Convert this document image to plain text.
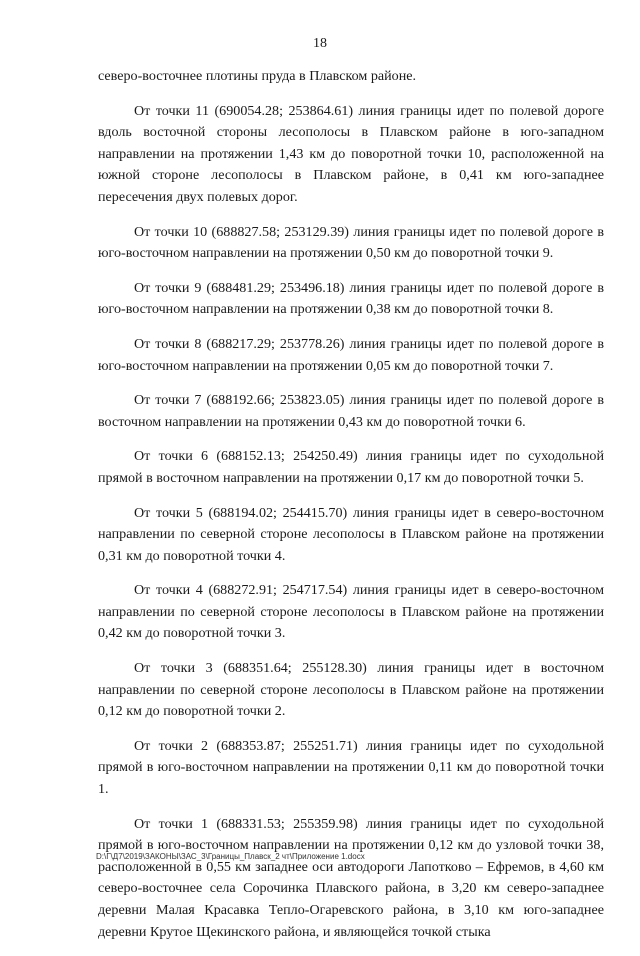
18

северо-восточнее плотины пруда в Плавском районе.

От точки 11 (690054.28; 253864.61) линия границы идет по полевой дороге вдоль восточной стороны лесополосы в Плавском районе в юго-западном направлении на протяжении 1,43 км до поворотной точки 10, расположенной на южной стороне лесополосы в Плавском районе, в 0,41 км юго-западнее пересечения двух полевых дорог.

От точки 10 (688827.58; 253129.39) линия границы идет по полевой дороге в юго-восточном направлении на протяжении 0,50 км до поворотной точки 9.

От точки 9 (688481.29; 253496.18) линия границы идет по полевой дороге в юго-восточном направлении на протяжении 0,38 км до поворотной точки 8.

От точки 8 (688217.29; 253778.26) линия границы идет по полевой дороге в юго-восточном направлении на протяжении 0,05 км до поворотной точки 7.

От точки 7 (688192.66; 253823.05) линия границы идет по полевой дороге в восточном направлении на протяжении 0,43 км до поворотной точки 6.

От точки 6 (688152.13; 254250.49) линия границы идет по суходольной прямой в восточном направлении на протяжении 0,17 км до поворотной точки 5.

От точки 5 (688194.02; 254415.70) линия границы идет в северо-восточном направлении по северной стороне лесополосы в Плавском районе на протяжении 0,31 км до поворотной точки 4.

От точки 4 (688272.91; 254717.54) линия границы идет в северо-восточном направлении по северной стороне лесополосы в Плавском районе на протяжении 0,42 км до поворотной точки 3.

От точки 3 (688351.64; 255128.30) линия границы идет в восточном направлении по северной стороне лесополосы в Плавском районе на протяжении 0,12 км до поворотной точки 2.

От точки 2 (688353.87; 255251.71) линия границы идет по суходольной прямой в юго-восточном направлении на протяжении 0,11 км до поворотной точки 1.

От точки 1 (688331.53; 255359.98) линия границы идет по суходольной прямой в юго-восточном направлении на протяжении 0,12 км до узловой точки 38, расположенной в 0,55 км западнее оси автодороги Лапотково – Ефремов, в 4,60 км северо-восточнее села Сорочинка Плавского района, в 3,20 км северо-западнее деревни Малая Красавка Тепло-Огаревского района, в 3,10 км юго-западнее деревни Крутое Щекинского района, и являющейся точкой стыка

D:\Г\Д7\2019\ЗАКОНЫ\ЗАС_3\Границы_Плавск_2 чт\Приложение 1.docx
